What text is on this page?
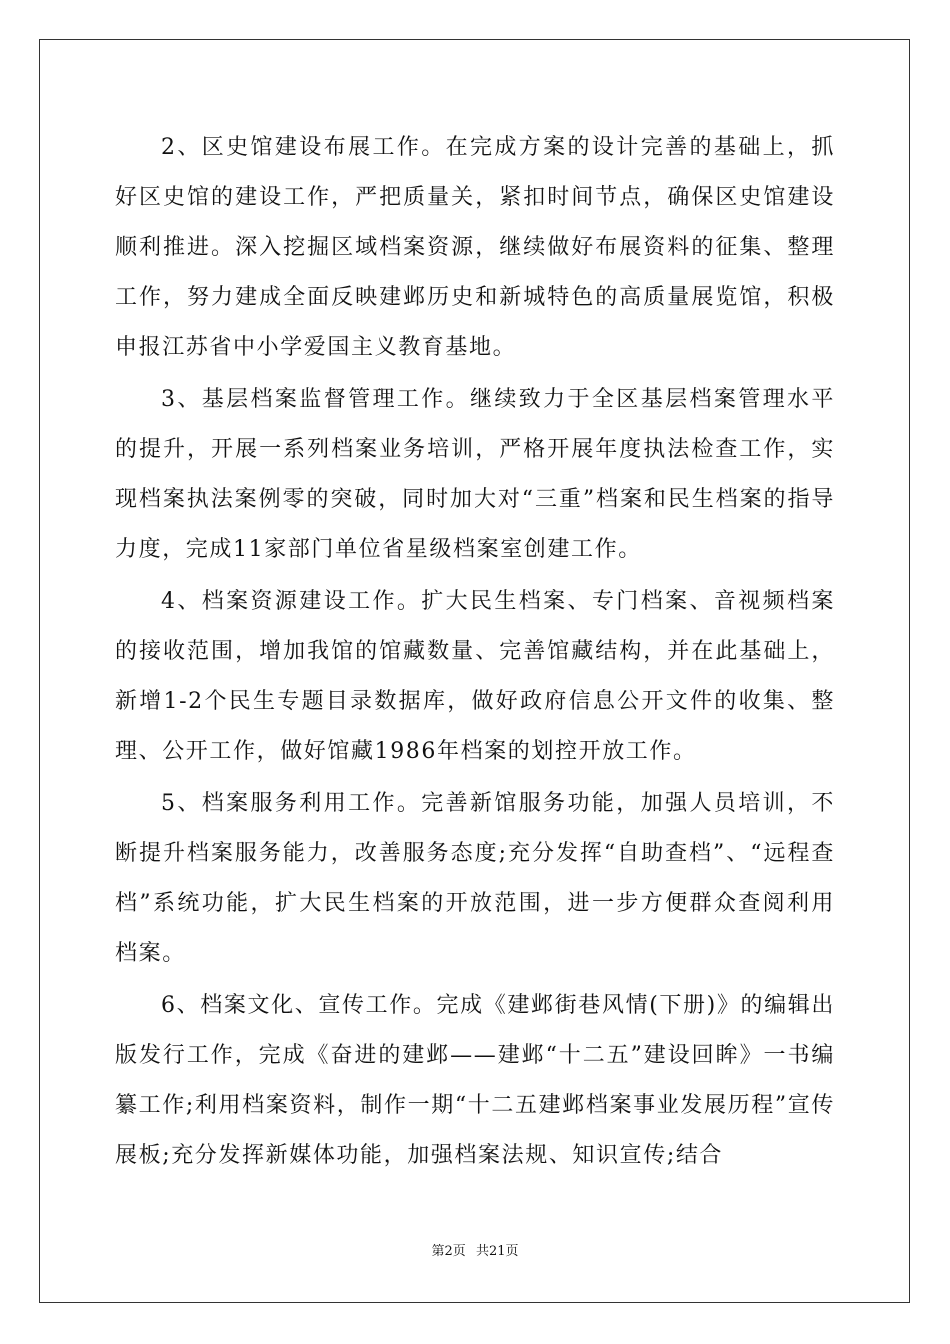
2、区史馆建设布展工作。在完成方案的设计完善的基础上，抓好区史馆的建设工作，严把质量关，紧扣时间节点，确保区史馆建设顺利推进。深入挖掘区域档案资源，继续做好布展资料的征集、整理工作，努力建成全面反映建邺历史和新城特色的高质量展览馆，积极申报江苏省中小学爱国主义教育基地。

3、基层档案监督管理工作。继续致力于全区基层档案管理水平的提升，开展一系列档案业务培训，严格开展年度执法检查工作，实现档案执法案例零的突破，同时加大对“三重”档案和民生档案的指导力度，完成11家部门单位省星级档案室创建工作。

4、档案资源建设工作。扩大民生档案、专门档案、音视频档案的接收范围，增加我馆的馆藏数量、完善馆藏结构，并在此基础上，新增1-2个民生专题目录数据库，做好政府信息公开文件的收集、整理、公开工作，做好馆藏1986年档案的划控开放工作。

5、档案服务利用工作。完善新馆服务功能，加强人员培训，不断提升档案服务能力，改善服务态度;充分发挥“自助查档”、“远程查档”系统功能，扩大民生档案的开放范围，进一步方便群众查阅利用档案。

6、档案文化、宣传工作。完成《建邺街巷风情(下册)》的编辑出版发行工作，完成《奋进的建邺——建邺“十二五”建设回眸》一书编纂工作;利用档案资料，制作一期“十二五建邺档案事业发展历程”宣传展板;充分发挥新媒体功能，加强档案法规、知识宣传;结合

第2页 共21页
